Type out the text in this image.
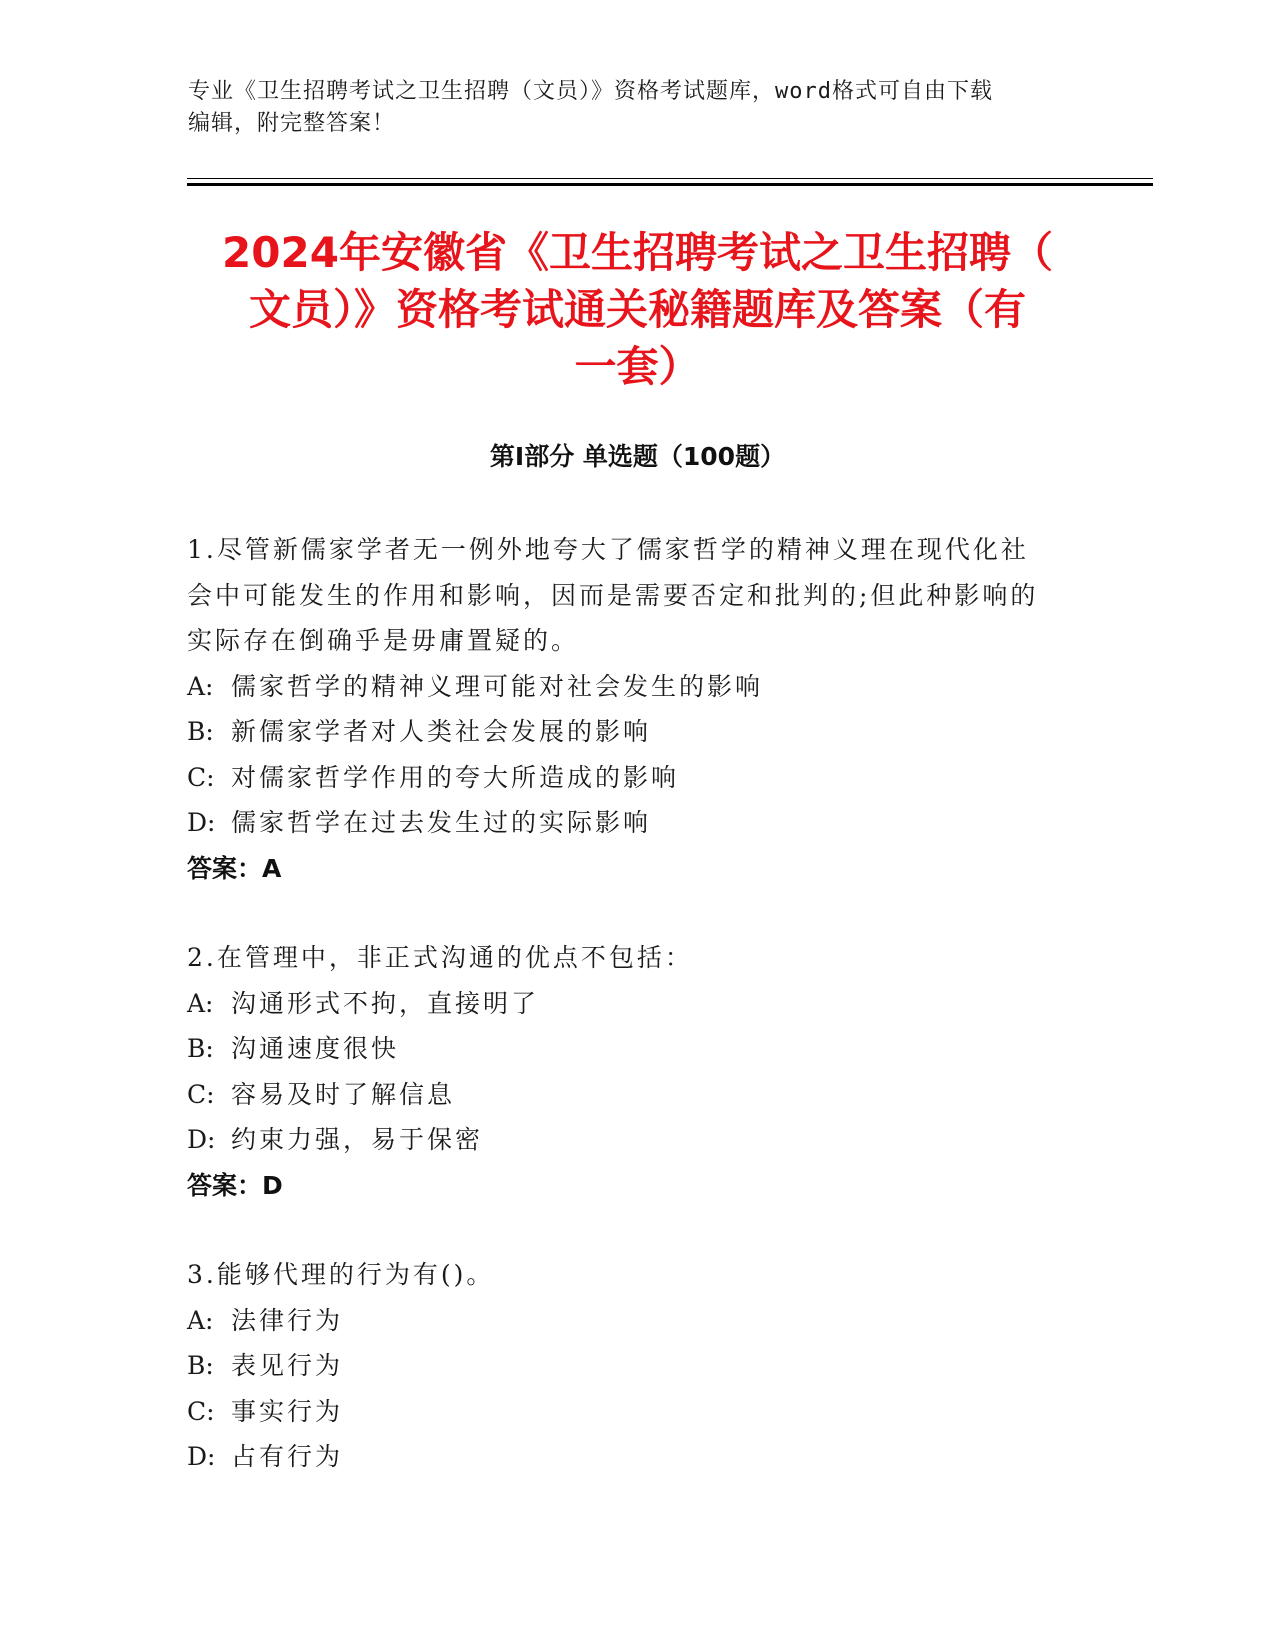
专业《卫生招聘考试之卫生招聘（文员）》资格考试题库，word格式可自由下载
编辑，附完整答案！
2024年安徽省《卫生招聘考试之卫生招聘（
文员）》资格考试通关秘籍题库及答案（有
一套）
第Ⅰ部分 单选题（100题）

1.尽管新儒家学者无一例外地夸大了儒家哲学的精神义理在现代化社

会中可能发生的作用和影响，因而是需要否定和批判的;但此种影响的

实际存在倒确乎是毋庸置疑的。

A: 儒家哲学的精神义理可能对社会发生的影响

B: 新儒家学者对人类社会发展的影响

C: 对儒家哲学作用的夸大所造成的影响

D: 儒家哲学在过去发生过的实际影响

答案：A

2.在管理中，非正式沟通的优点不包括：

A: 沟通形式不拘，直接明了

B: 沟通速度很快

C: 容易及时了解信息

D: 约束力强，易于保密

答案：D

3.能够代理的行为有()。

A: 法律行为

B: 表见行为

C: 事实行为

D: 占有行为
